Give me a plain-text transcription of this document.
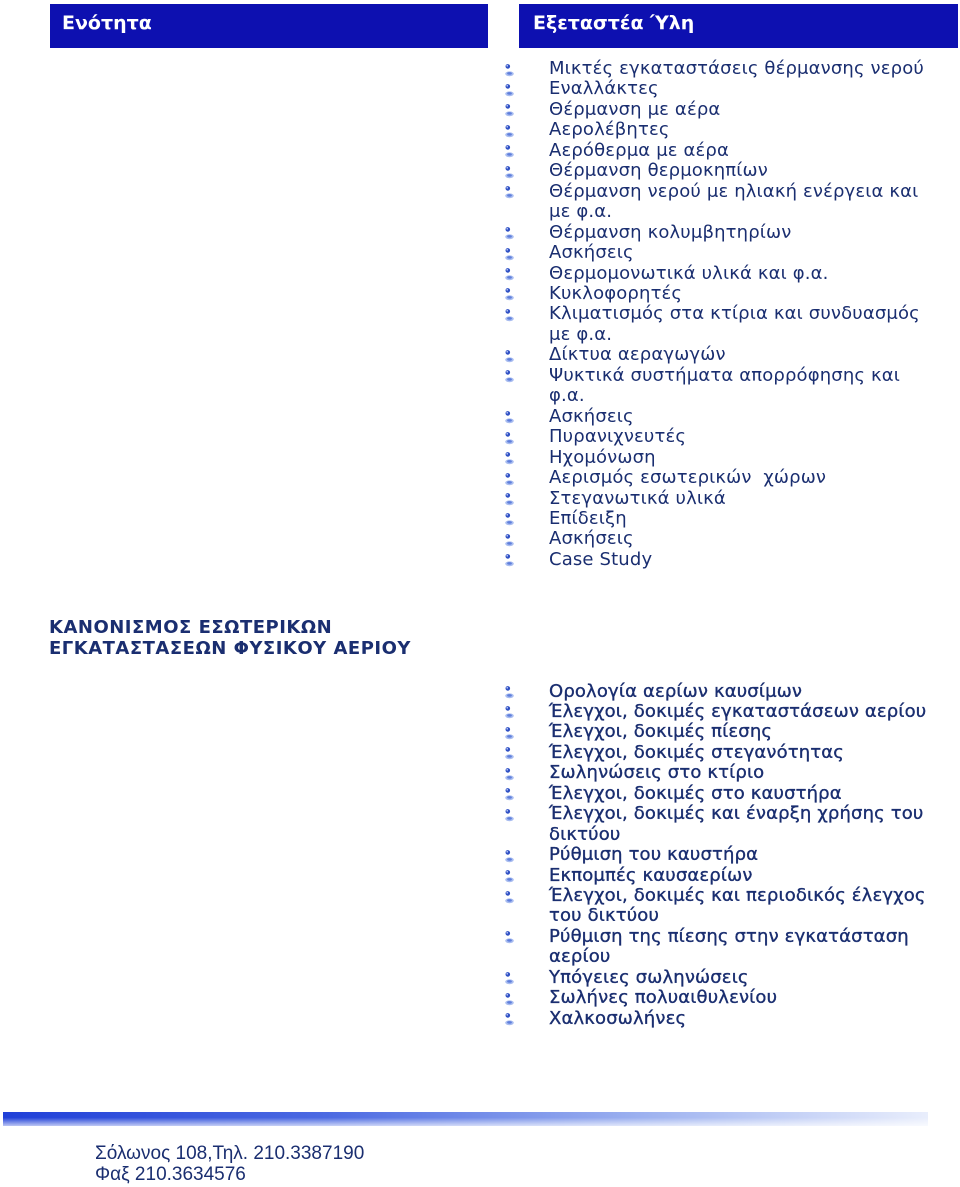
Ενότητα	Εξεταστέα Ύλη
Μικτές εγκαταστάσεις θέρμανσης νερού
Εναλλάκτες
Θέρμανση με αέρα
Αερολέβητες
Αερόθερμα με αέρα
Θέρμανση θερμοκηπίων
Θέρμανση νερού με ηλιακή ενέργεια και
με φ.α.
Θέρμανση κολυμβητηρίων
Ασκήσεις
Θερμομονωτικά υλικά και φ.α.
Κυκλοφορητές
Κλιματισμός στα κτίρια και συνδυασμός
με φ.α.
Δίκτυα αεραγωγών
Ψυκτικά συστήματα απορρόφησης και
φ.α.
Ασκήσεις
Πυρανιχνευτές
Ηχομόνωση
Αερισμός εσωτερικών  χώρων
Στεγανωτικά υλικά
Επίδειξη
Ασκήσεις
Case Study
ΚΑΝΟΝΙΣΜΟΣ ΕΣΩΤΕΡΙΚΩΝ
ΕΓΚΑΤΑΣΤΑΣΕΩΝ ΦΥΣΙΚΟΥ ΑΕΡΙΟΥ
Ορολογία αερίων καυσίμων
Έλεγχοι, δοκιμές εγκαταστάσεων αερίου
Έλεγχοι, δοκιμές πίεσης
Έλεγχοι, δοκιμές στεγανότητας
Σωληνώσεις στο κτίριο
Έλεγχοι, δοκιμές στο καυστήρα
Έλεγχοι, δοκιμές και έναρξη χρήσης του
δικτύου
Ρύθμιση του καυστήρα
Εκπομπές καυσαερίων
Έλεγχοι, δοκιμές και περιοδικός έλεγχος
του δικτύου
Ρύθμιση της πίεσης στην εγκατάσταση
αερίου
Υπόγειες σωληνώσεις
Σωλήνες πολυαιθυλενίου
Χαλκοσωλήνες
Σόλωνος 108,Τηλ. 210.3387190
Φαξ 210.3634576
